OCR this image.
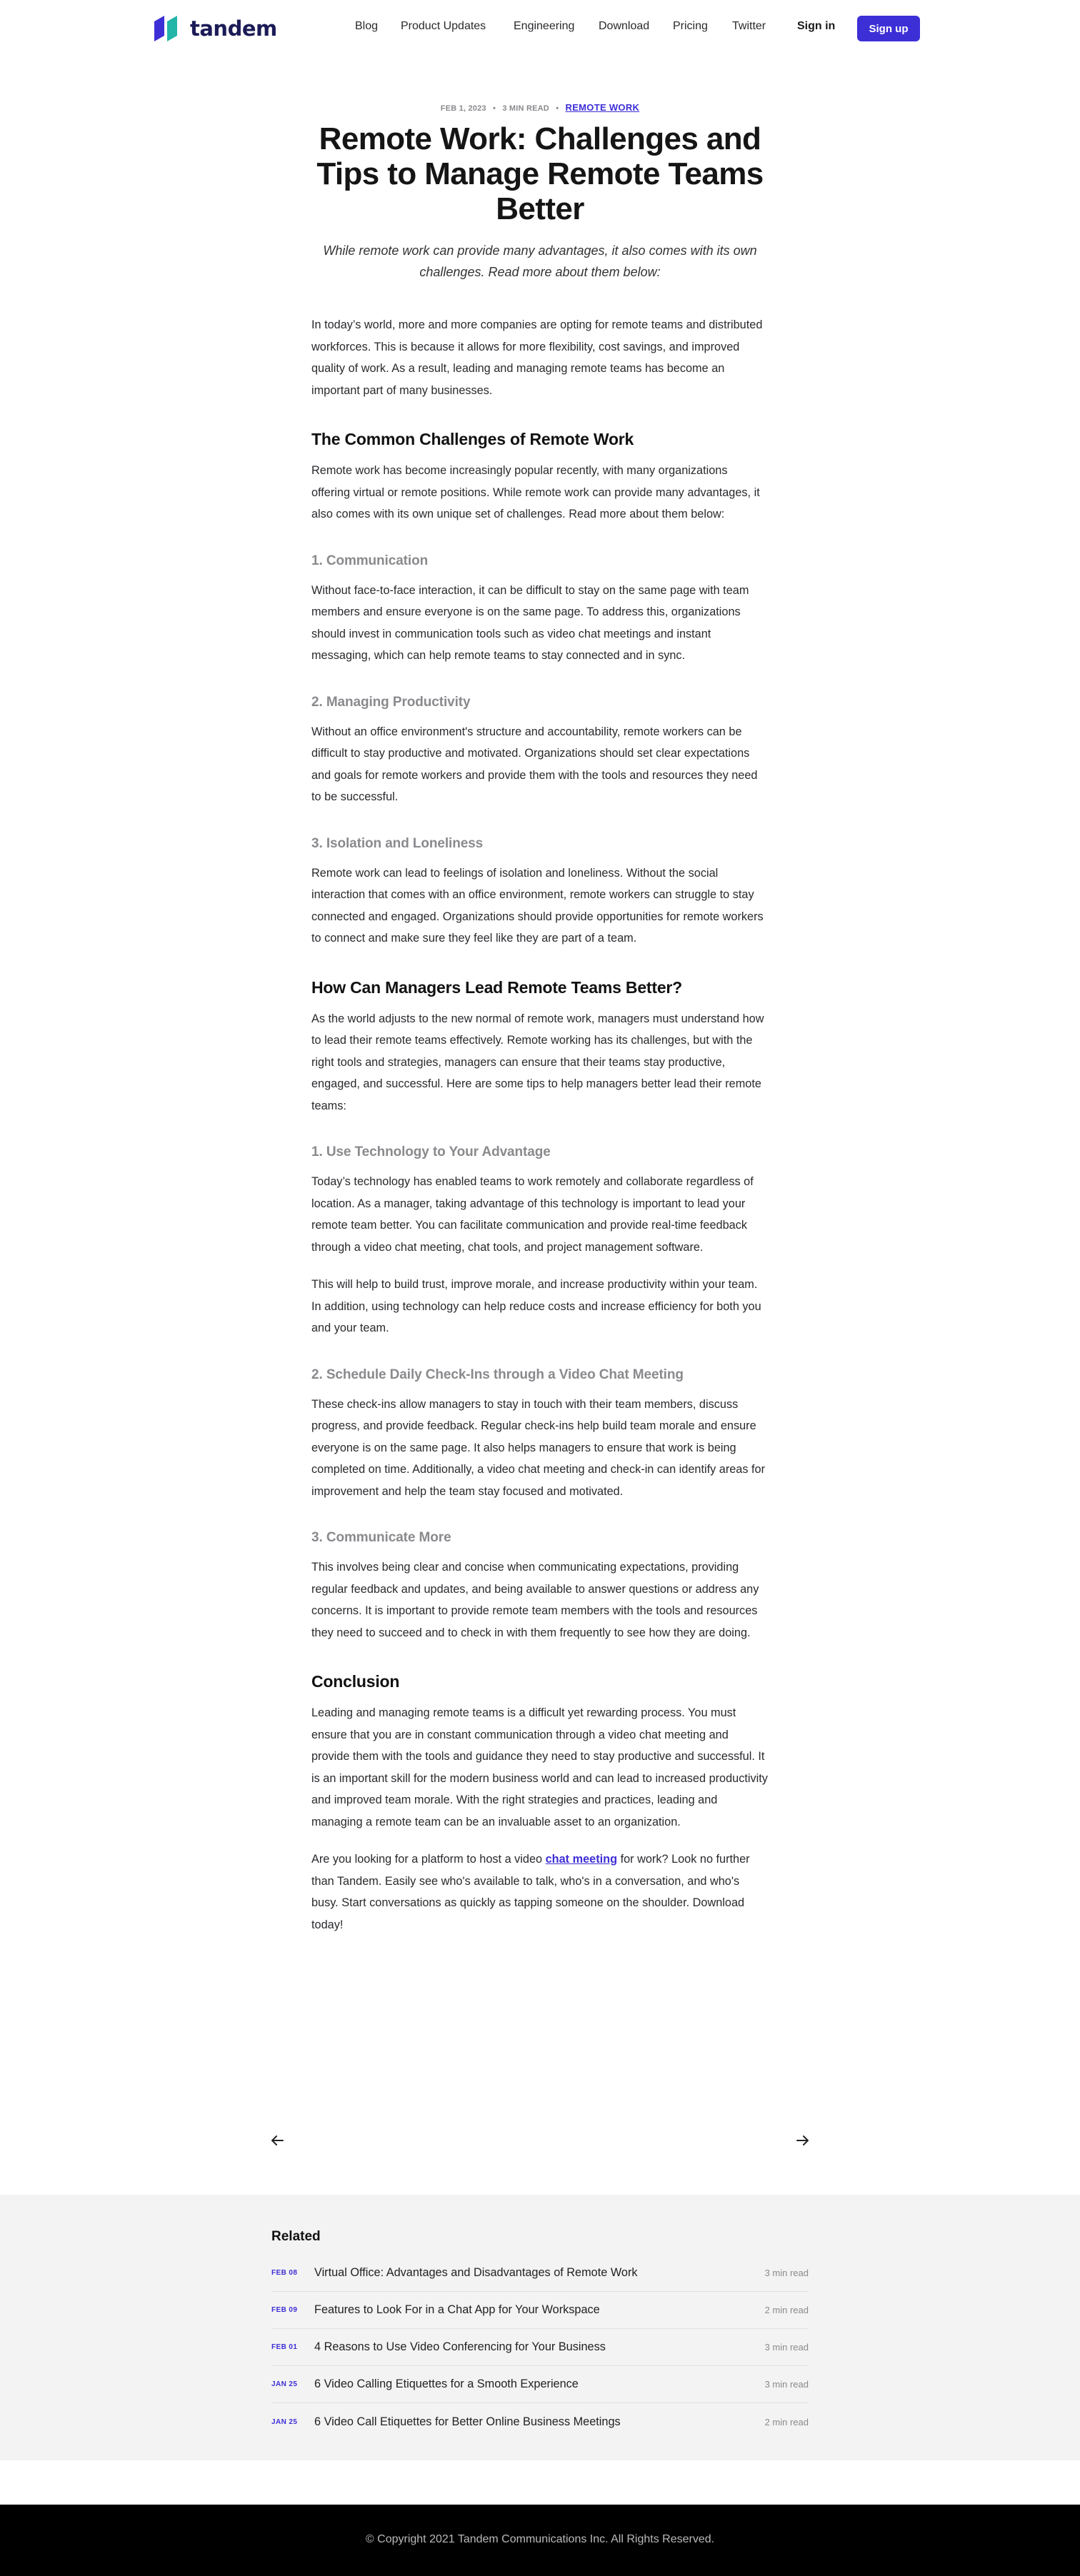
tandem	Blog Product Updates Engineering Download Pricing Twitter	Sign in	Sign up
FEB 1, 2023 • 3 MIN READ • REMOTE WORK
Remote Work: Challenges and Tips to Manage Remote Teams Better

While remote work can provide many advantages, it also comes with its own challenges. Read more about them below:

In today’s world, more and more companies are opting for remote teams and distributed workforces. This is because it allows for more flexibility, cost savings, and improved quality of work. As a result, leading and managing remote teams has become an important part of many businesses.

The Common Challenges of Remote Work

Remote work has become increasingly popular recently, with many organizations offering virtual or remote positions. While remote work can provide many advantages, it also comes with its own unique set of challenges. Read more about them below:

1. Communication

Without face-to-face interaction, it can be difficult to stay on the same page with team members and ensure everyone is on the same page. To address this, organizations should invest in communication tools such as video chat meetings and instant messaging, which can help remote teams to stay connected and in sync.

2. Managing Productivity

Without an office environment's structure and accountability, remote workers can be difficult to stay productive and motivated. Organizations should set clear expectations and goals for remote workers and provide them with the tools and resources they need to be successful.

3. Isolation and Loneliness

Remote work can lead to feelings of isolation and loneliness. Without the social interaction that comes with an office environment, remote workers can struggle to stay connected and engaged. Organizations should provide opportunities for remote workers to connect and make sure they feel like they are part of a team.

How Can Managers Lead Remote Teams Better?

As the world adjusts to the new normal of remote work, managers must understand how to lead their remote teams effectively. Remote working has its challenges, but with the right tools and strategies, managers can ensure that their teams stay productive, engaged, and successful. Here are some tips to help managers better lead their remote teams:

1. Use Technology to Your Advantage

Today’s technology has enabled teams to work remotely and collaborate regardless of location. As a manager, taking advantage of this technology is important to lead your remote team better. You can facilitate communication and provide real-time feedback through a video chat meeting, chat tools, and project management software.

This will help to build trust, improve morale, and increase productivity within your team. In addition, using technology can help reduce costs and increase efficiency for both you and your team.

2. Schedule Daily Check-Ins through a Video Chat Meeting

These check-ins allow managers to stay in touch with their team members, discuss progress, and provide feedback. Regular check-ins help build team morale and ensure everyone is on the same page. It also helps managers to ensure that work is being completed on time. Additionally, a video chat meeting and check-in can identify areas for improvement and help the team stay focused and motivated.

3. Communicate More

This involves being clear and concise when communicating expectations, providing regular feedback and updates, and being available to answer questions or address any concerns. It is important to provide remote team members with the tools and resources they need to succeed and to check in with them frequently to see how they are doing.

Conclusion

Leading and managing remote teams is a difficult yet rewarding process. You must ensure that you are in constant communication through a video chat meeting and provide them with the tools and guidance they need to stay productive and successful. It is an important skill for the modern business world and can lead to increased productivity and improved team morale. With the right strategies and practices, leading and managing a remote team can be an invaluable asset to an organization.

Are you looking for a platform to host a video chat meeting for work? Look no further than Tandem. Easily see who's available to talk, who's in a conversation, and who's busy. Start conversations as quickly as tapping someone on the shoulder. Download today!

Related
FEB 08	Virtual Office: Advantages and Disadvantages of Remote Work	3 min read
FEB 09	Features to Look For in a Chat App for Your Workspace	2 min read
FEB 01	4 Reasons to Use Video Conferencing for Your Business	3 min read
JAN 25	6 Video Calling Etiquettes for a Smooth Experience	3 min read
JAN 25	6 Video Call Etiquettes for Better Online Business Meetings	2 min read
© Copyright 2021 Tandem Communications Inc. All Rights Reserved.
